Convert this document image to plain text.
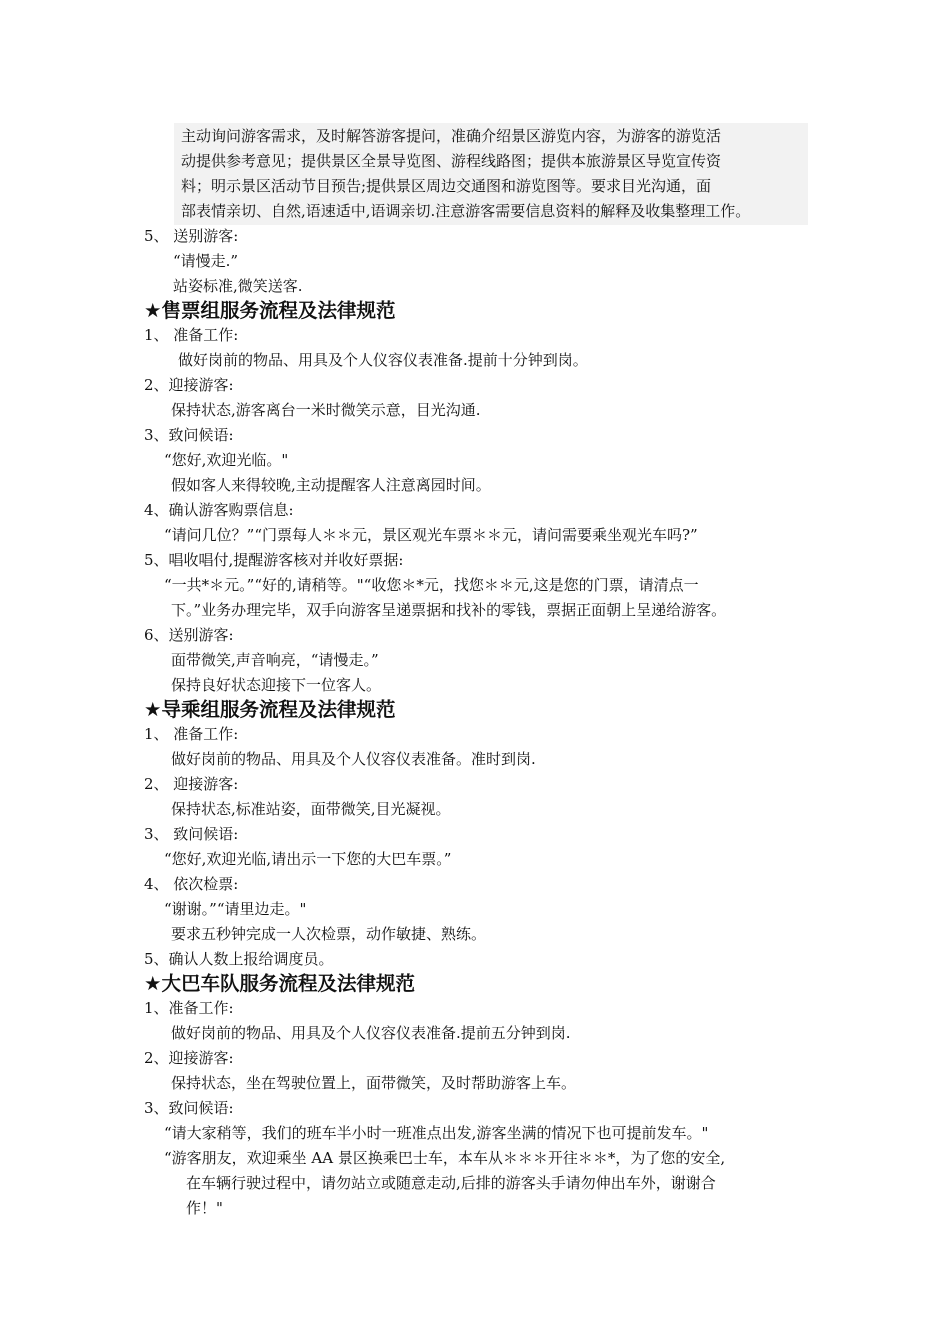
主动询问游客需求，及时解答游客提问，准确介绍景区游览内容，为游客的游览活
动提供参考意见；提供景区全景导览图、游程线路图；提供本旅游景区导览宣传资
料；明示景区活动节目预告;提供景区周边交通图和游览图等。要求目光沟通，面
部表情亲切、自然,语速适中,语调亲切.注意游客需要信息资料的解释及收集整理工作。
5、 送别游客:
“请慢走.”
站姿标准,微笑送客.
★售票组服务流程及法律规范
1、 准备工作:
做好岗前的物品、用具及个人仪容仪表准备.提前十分钟到岗。
2、迎接游客:
保持状态,游客离台一米时微笑示意，目光沟通.
3、致问候语:
“您好,欢迎光临。"
假如客人来得较晚,主动提醒客人注意离园时间。
4、确认游客购票信息:
“请问几位？”“门票每人＊＊元，景区观光车票＊＊元，请问需要乘坐观光车吗?”
5、唱收唱付,提醒游客核对并收好票据:
“一共*＊元。”“好的,请稍等。"“收您＊*元，找您＊＊元,这是您的门票，请清点一
下。”业务办理完毕，双手向游客呈递票据和找补的零钱，票据正面朝上呈递给游客。
6、送别游客:
面带微笑,声音响亮，“请慢走。”
保持良好状态迎接下一位客人。
★导乘组服务流程及法律规范
1、 准备工作:
做好岗前的物品、用具及个人仪容仪表准备。准时到岗.
2、 迎接游客:
保持状态,标准站姿，面带微笑,目光凝视。
3、 致问候语:
“您好,欢迎光临,请出示一下您的大巴车票。”
4、 依次检票:
“谢谢。”“请里边走。"
要求五秒钟完成一人次检票，动作敏捷、熟练。
5、确认人数上报给调度员。
★大巴车队服务流程及法律规范
1、准备工作:
做好岗前的物品、用具及个人仪容仪表准备.提前五分钟到岗.
2、迎接游客:
保持状态，坐在驾驶位置上，面带微笑，及时帮助游客上车。
3、致问候语:
“请大家稍等，我们的班车半小时一班准点出发,游客坐满的情况下也可提前发车。"
“游客朋友，欢迎乘坐 AA 景区换乘巴士车，本车从＊＊＊开往＊＊*，为了您的安全,
在车辆行驶过程中，请勿站立或随意走动,后排的游客头手请勿伸出车外，谢谢合
作！"
